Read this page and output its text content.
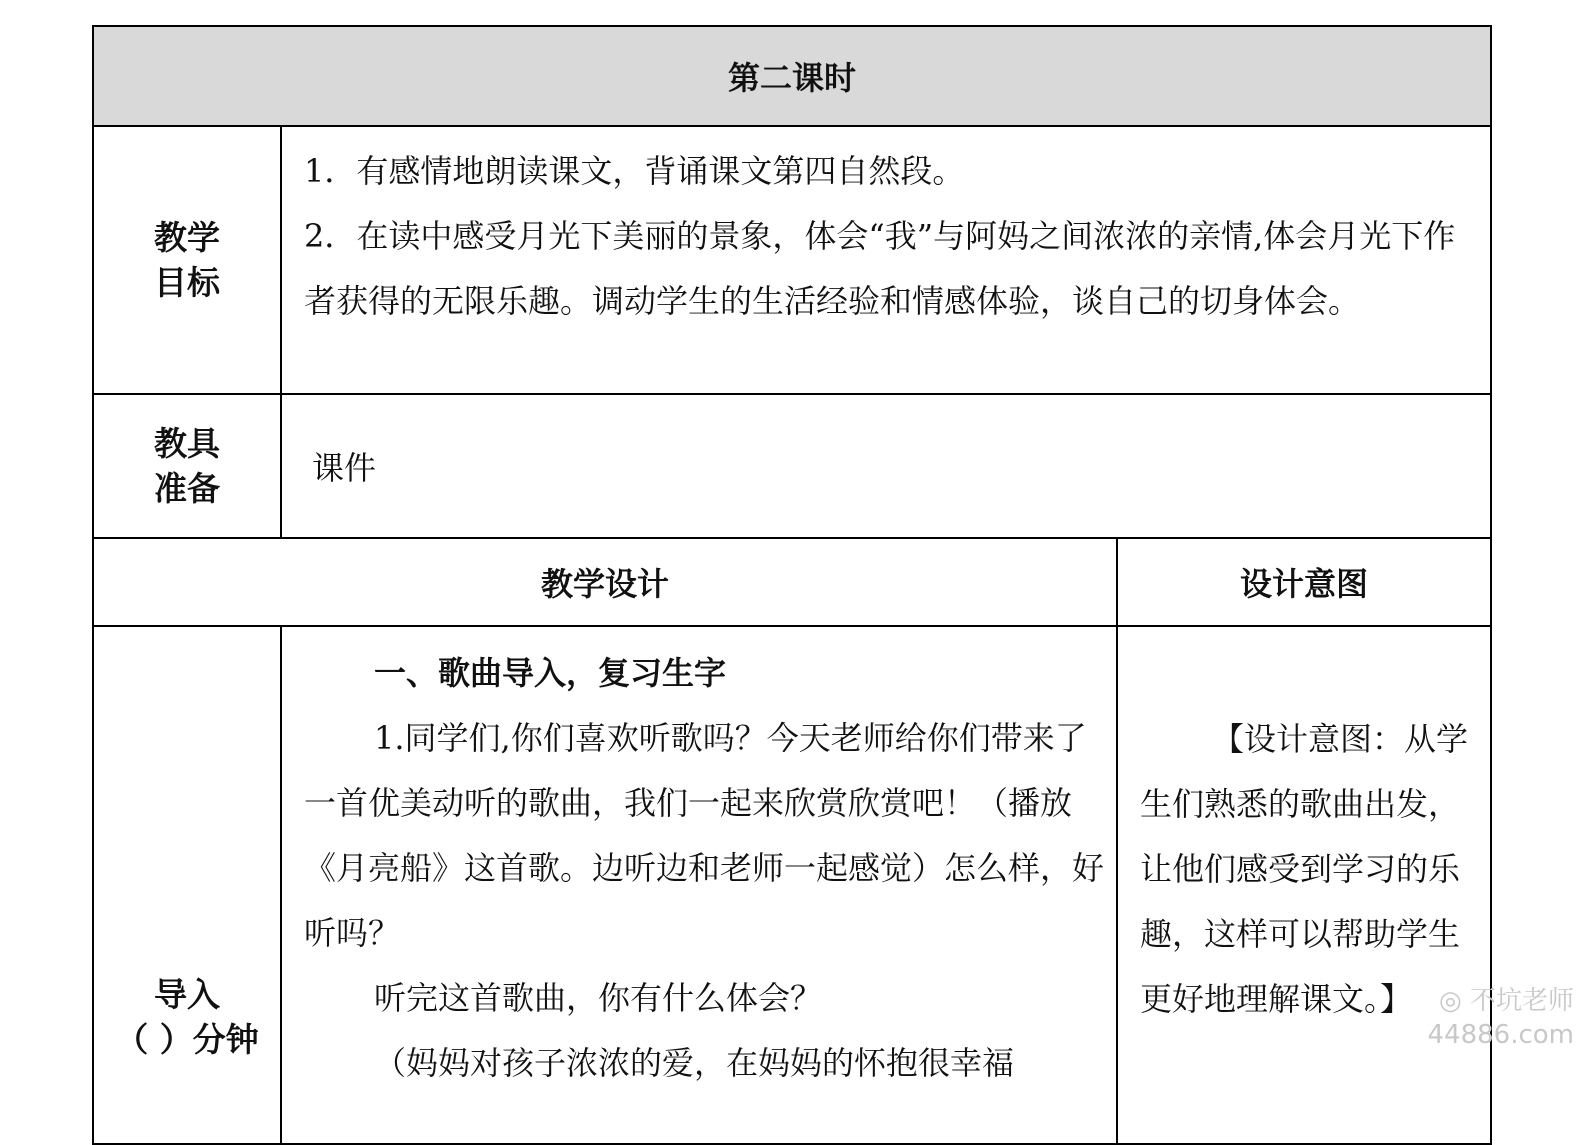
第二课时
教学
目标
1．有感情地朗读课文，背诵课文第四自然段。
2．在读中感受月光下美丽的景象，体会“我”与阿妈之间浓浓的亲情,体会月光下作者获得的无限乐趣。调动学生的生活经验和情感体验，谈自己的切身体会。
教具
准备
课件
教学设计	设计意图
导入
（ ）分钟

一、歌曲导入，复习生字

1.同学们,你们喜欢听歌吗？今天老师给你们带来了一首优美动听的歌曲，我们一起来欣赏欣赏吧！（播放《月亮船》这首歌。边听边和老师一起感觉）怎么样，好听吗？

听完这首歌曲，你有什么体会？

（妈妈对孩子浓浓的爱，在妈妈的怀抱很幸福

【设计意图：从学生们熟悉的歌曲出发，让他们感受到学习的乐趣，这样可以帮助学生更好地理解课文。】	◎ 不坑老师
44886.com
